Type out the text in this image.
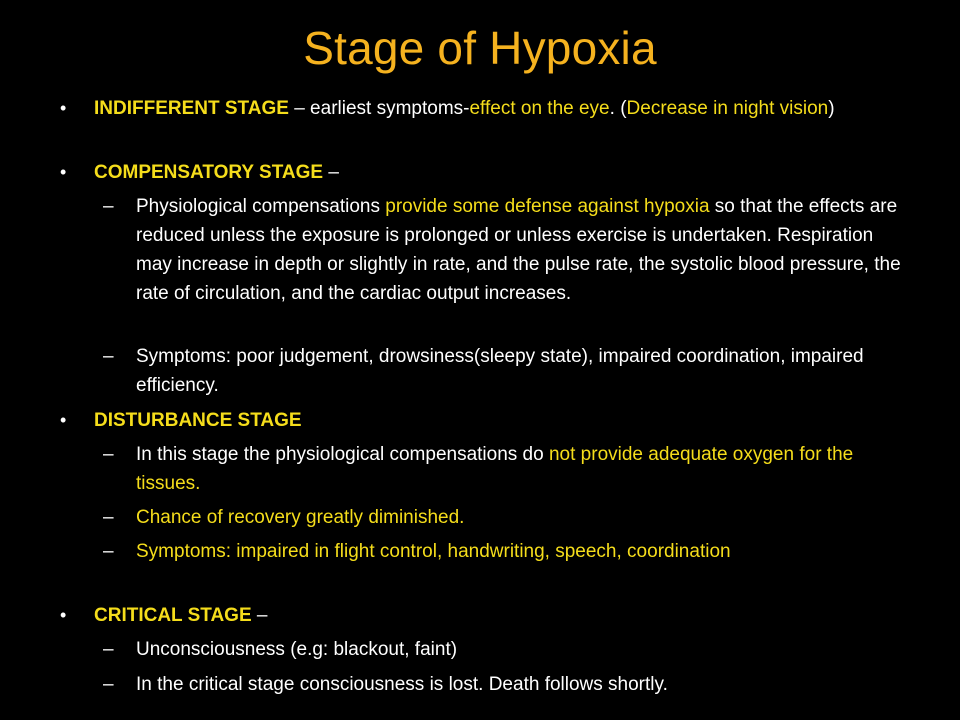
Stage of Hypoxia
• INDIFFERENT STAGE – earliest symptoms-effect on the eye. (Decrease in night vision)
• COMPENSATORY STAGE –
– Physiological compensations provide some defense against hypoxia so that the effects are reduced unless the exposure is prolonged or unless exercise is undertaken. Respiration may increase in depth or slightly in rate, and the pulse rate, the systolic blood pressure, the rate of circulation, and the cardiac output increases.
– Symptoms: poor judgement, drowsiness(sleepy state), impaired coordination, impaired efficiency.
• DISTURBANCE STAGE
– In this stage the physiological compensations do not provide adequate oxygen for the tissues.
– Chance of recovery greatly diminished.
– Symptoms: impaired in flight control, handwriting, speech, coordination
• CRITICAL STAGE –
– Unconsciousness (e.g: blackout, faint)
– In the critical stage consciousness is lost. Death follows shortly.
